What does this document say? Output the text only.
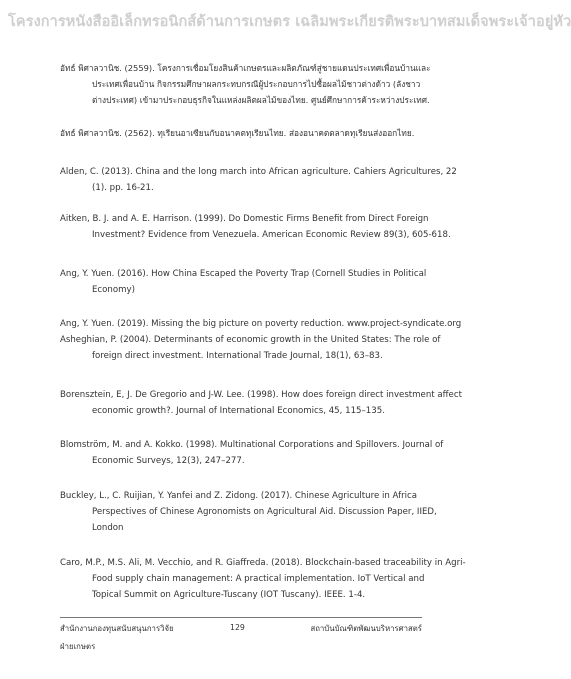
โครงการหนังสืออิเล็กทรอนิกส์ด้านการเกษตร เฉลิมพระเกียรติพระบาทสมเด็จพระเจ้าอยู่หัว
อัทธ์ พิศาลวานิช. (2559). โครงการเชื่อมโยงสินค้าเกษตรและผลิตภัณฑ์สู่ชายแดนประเทศเพื่อนบ้านและ
ประเทศเพื่อนบ้าน กิจกรรมศึกษาผลกระทบกรณีผู้ประกอบการไปซื้อผลไม้ชาวต่างด้าว (ลังชาว
ต่างประเทศ) เข้ามาประกอบธุรกิจในแหล่งผลิตผลไม้ของไทย. ศูนย์ศึกษาการค้าระหว่างประเทศ.
อัทธ์ พิศาลวานิช. (2562). ทุเรียนอาเซียนกับอนาคตทุเรียนไทย. ส่องอนาคตตลาดทุเรียนส่งออกไทย.
Alden, C. (2013). China and the long march into African agriculture. Cahiers Agricultures, 22
(1). pp. 16-21.
Aitken, B. J. and A. E. Harrison. (1999). Do Domestic Firms Benefit from Direct Foreign
Investment? Evidence from Venezuela. American Economic Review 89(3), 605-618.
Ang, Y. Yuen. (2016). How China Escaped the Poverty Trap (Cornell Studies in Political
Economy)
Ang, Y. Yuen. (2019). Missing the big picture on poverty reduction. www.project-syndicate.org
Asheghian, P. (2004). Determinants of economic growth in the United States: The role of
foreign direct investment. International Trade Journal, 18(1), 63–83.
Borensztein, E, J. De Gregorio and J-W. Lee. (1998). How does foreign direct investment affect
economic growth?. Journal of International Economics, 45, 115–135.
Blomström, M. and A. Kokko. (1998). Multinational Corporations and Spillovers. Journal of
Economic Surveys, 12(3), 247–277.
Buckley, L., C. Ruijian, Y. Yanfei and Z. Zidong. (2017). Chinese Agriculture in Africa
Perspectives of Chinese Agronomists on Agricultural Aid. Discussion Paper, IIED,
London
Caro, M.P., M.S. Ali, M. Vecchio, and R. Giaffreda. (2018). Blockchain-based traceability in Agri-
Food supply chain management: A practical implementation. IoT Vertical and
Topical Summit on Agriculture-Tuscany (IOT Tuscany). IEEE. 1-4.
สำนักงานกองทุนสนับสนุนการวิจัย
ฝ่ายเกษตร
129	สถาบันบัณฑิตพัฒนบริหารศาสตร์
